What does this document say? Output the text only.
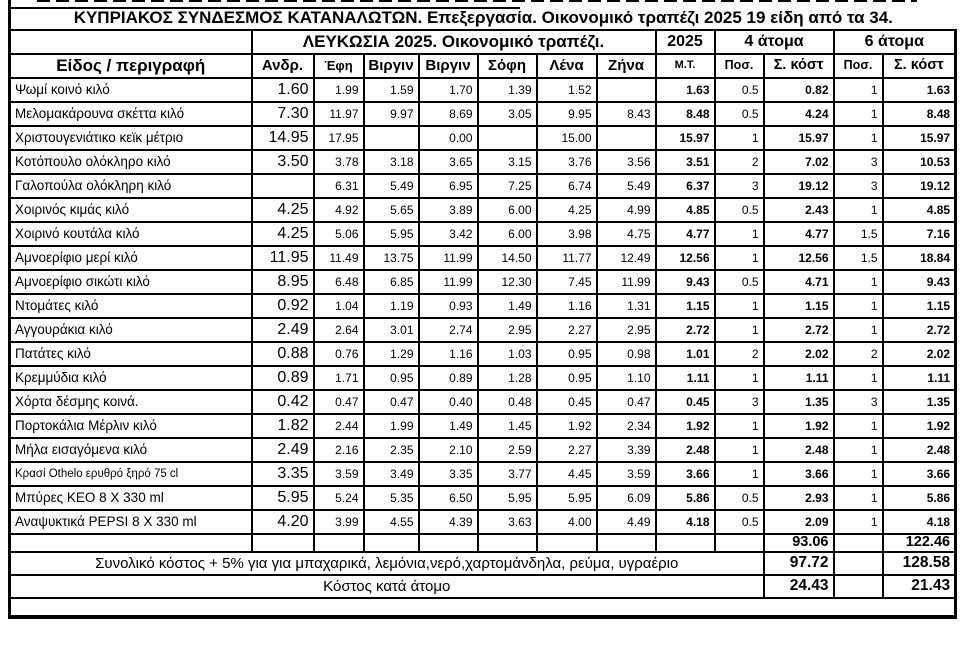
ΚΥΠΡΙΑΚΟΣ ΣΥΝΔΕΣΜΟΣ ΚΑΤΑΝΑΛΩΤΩΝ. Επεξεργασία. Οικονομικό τραπέζι 2025 19 είδη από τα 34.												
	ΛΕΥΚΩΣΙΑ 2025. Οικονομικό τραπέζι.							2025	4 άτομα		6 άτομα	
Είδος / περιγραφή	Ανδρ.	Έφη	Βιργιν	Βιργιν	Σόφη	Λένα	Ζήνα	Μ.Τ.	Ποσ.	Σ. κόστ	Ποσ.	Σ. κόστ
Ψωμί κοινό κιλό	1.60	1.99	1.59	1.70	1.39	1.52		1.63	0.5	0.82	1	1.63
Μελομακάρουνα σκέττα κιλό	7.30	11.97	9.97	8.69	3.05	9.95	8.43	8.48	0.5	4.24	1	8.48
Χριστουγενιάτικο κεϊκ μέτριο	14.95	17.95		0.00		15.00		15.97	1	15.97	1	15.97
Κοτόπουλο ολόκληρο κιλό	3.50	3.78	3.18	3.65	3.15	3.76	3.56	3.51	2	7.02	3	10.53
Γαλοπούλα ολόκληρη κιλό		6.31	5.49	6.95	7.25	6.74	5.49	6.37	3	19.12	3	19.12
Χοιρινός κιμάς κιλό	4.25	4.92	5.65	3.89	6.00	4.25	4.99	4.85	0.5	2.43	1	4.85
Χοιρινό κουτάλα κιλό	4.25	5.06	5.95	3.42	6.00	3.98	4.75	4.77	1	4.77	1.5	7.16
Αμνοερίφιο μερί κιλό	11.95	11.49	13.75	11.99	14.50	11.77	12.49	12.56	1	12.56	1.5	18.84
Αμνοερίφιο σικώτι κιλό	8.95	6.48	6.85	11.99	12.30	7.45	11.99	9.43	0.5	4.71	1	9.43
Ντομάτες κιλό	0.92	1.04	1.19	0.93	1.49	1.16	1.31	1.15	1	1.15	1	1.15
Αγγουράκια κιλό	2.49	2.64	3.01	2.74	2.95	2.27	2.95	2.72	1	2.72	1	2.72
Πατάτες κιλό	0.88	0.76	1.29	1.16	1.03	0.95	0.98	1.01	2	2.02	2	2.02
Κρεμμύδια κιλό	0.89	1.71	0.95	0.89	1.28	0.95	1.10	1.11	1	1.11	1	1.11
Χόρτα δέσμης κοινά.	0.42	0.47	0.47	0.40	0.48	0.45	0.47	0.45	3	1.35	3	1.35
Πορτοκάλια Μέρλιν κιλό	1.82	2.44	1.99	1.49	1.45	1.92	2.34	1.92	1	1.92	1	1.92
Μήλα εισαγόμενα κιλό	2.49	2.16	2.35	2.10	2.59	2.27	3.39	2.48	1	2.48	1	2.48
Κρασί Othelo ερυθρό ξηρό 75 cl	3.35	3.59	3.49	3.35	3.77	4.45	3.59	3.66	1	3.66	1	3.66
Μπύρες ΚΕΟ 8 Χ 330 ml	5.95	5.24	5.35	6.50	5.95	5.95	6.09	5.86	0.5	2.93	1	5.86
Αναψυκτικά PEPSI 8 Χ 330 ml	4.20	3.99	4.55	4.39	3.63	4.00	4.49	4.18	0.5	2.09	1	4.18
										93.06		122.46
Συνολικό κόστος + 5% για για μπαχαρικά, λεμόνια,νερό,χαρτομάνδηλα, ρεύμα, υγραέριο										97.72		128.58
Κόστος κατά άτομο										24.43		21.43
